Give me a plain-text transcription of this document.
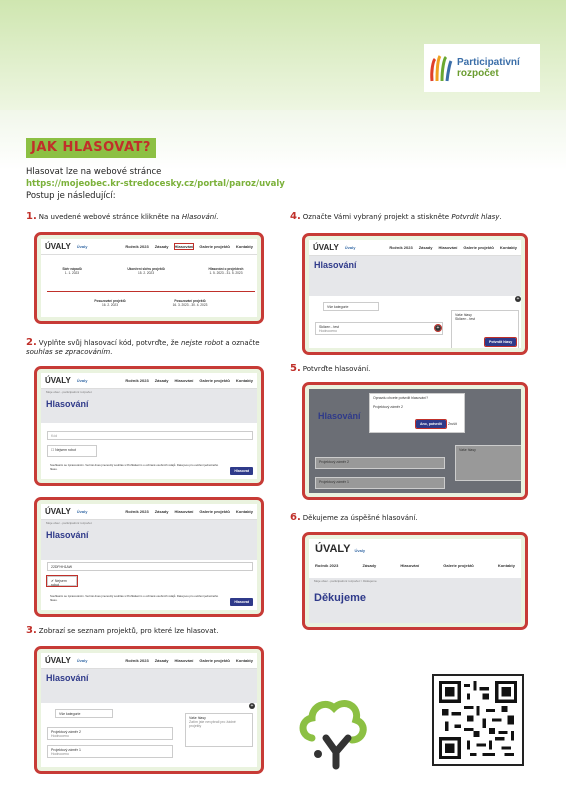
Participativní
rozpočet
JAK HLASOVAT?
Hlasovat lze na webové stránce
https://mojeobec.kr-stredocesky.cz/portal/paroz/uvaly
Postup je následující:
1. Na uvedené webové stránce klikněte na Hlasování.
ÚVALY Úvaly	Ročník 2023 Zásady Hlasování Galerie projektů Kontakty
Sběr nápadů
1. 1. 2023
Ukončení sběru projektů
15. 2. 2023
Hlasování o projektech
1. 5. 2023 - 31. 5. 2023
Posuzování projektů
16. 2. 2023
Posuzování projektů
16. 3. 2023 - 30. 4. 2023
2. Vyplňte svůj hlasovací kód, potvrďte, že nejste robot a označte souhlas se zpracováním.
ÚVALY Úvaly	Ročník 2023 Zásady Hlasování Galerie projektů Kontakty
Moje obec - participativní rozpočet
Hlasování
Kód
☐ Nejsem robot
Souhlasím se zpracováním. Vezmě dnes jmenovitý souhlas s Prohlášením o ochraně osobních údajů. Data jsou pro ověření jednotného hlasu.	Hlasovat
ÚVALY Úvaly	Ročník 2023 Zásady Hlasování Galerie projektů Kontakty
Moje obec - participativní rozpočet
Hlasování
22DFHH1AW
✔ Nejsem robot
Souhlasím se zpracováním. Vezmě dnes jmenovitý souhlas s Prohlášením o ochraně osobních údajů. Data jsou pro ověření jednotného hlasu.	Hlasovat
3. Zobrazí se seznam projektů, pro které lze hlasovat.
ÚVALY Úvaly	Ročník 2023 Zásady Hlasování Galerie projektů Kontakty
Hlasování
Vše kategorie
Vaše hlasy
Zatím jste nevybrali pro žádné projekty
Projektový záměr 2
Hodnoceno
Projektový záměr 1
Hodnoceno
+
4. Označte Vámi vybraný projekt a stiskněte Potvrdit hlasy.
ÚVALY Úvaly	Ročník 2023 Zásady Hlasování Galerie projektů Kontakty
Hlasování
Vše kategorie
Sklizen - test
Hodnoceno	+
Vaše hlasy
Sklizen - test
Potvrdit hlasy
+
5. Potvrďte hlasování.
Hlasování
Opravdu chcete potvrdit hlasování?
Projektový záměr 2
Ano, potvrdit	Zrušit
Projektový záměr 2
Projektový záměr 1
Vaše hlasy
6. Děkujeme za úspěšné hlasování.
ÚVALY Úvaly
Ročník 2023	Zásady	Hlasování	Galerie projektů	Kontakty
Moje obec - participativní rozpočet > Děkujeme
Děkujeme
